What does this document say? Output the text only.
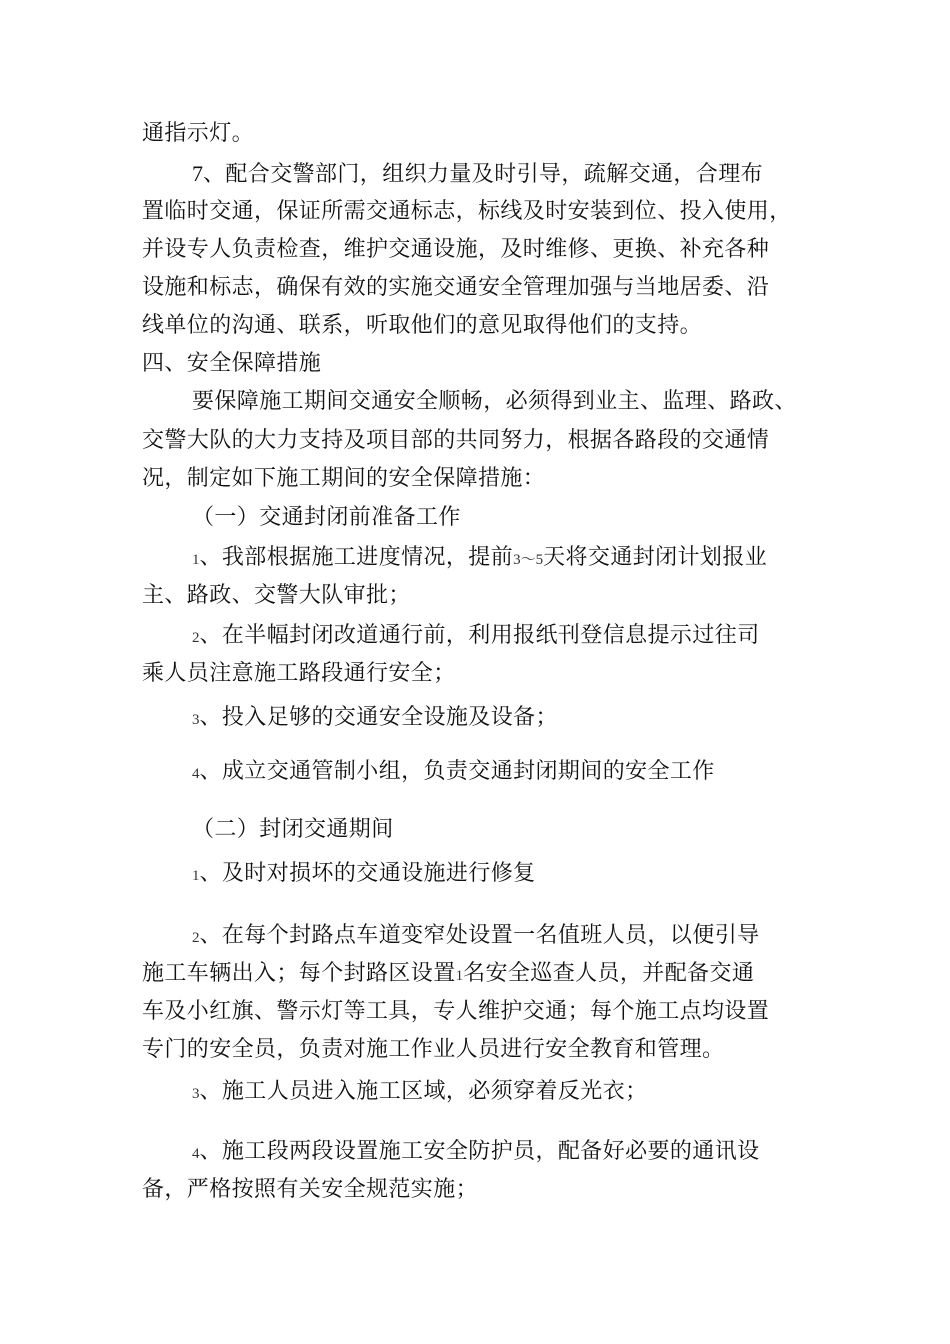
通指示灯。
7、配合交警部门，组织力量及时引导，疏解交通，合理布
置临时交通，保证所需交通标志，标线及时安装到位、投入使用，
并设专人负责检查，维护交通设施，及时维修、更换、补充各种
设施和标志，确保有效的实施交通安全管理加强与当地居委、沿
线单位的沟通、联系，听取他们的意见取得他们的支持。
四、安全保障措施
要保障施工期间交通安全顺畅，必须得到业主、监理、路政、
交警大队的大力支持及项目部的共同努力，根据各路段的交通情
况，制定如下施工期间的安全保障措施：
（一）交通封闭前准备工作
1、我部根据施工进度情况，提前3〜5天将交通封闭计划报业
主、路政、交警大队审批；
2、在半幅封闭改道通行前，利用报纸刊登信息提示过往司
乘人员注意施工路段通行安全；
3、投入足够的交通安全设施及设备；
4、成立交通管制小组，负责交通封闭期间的安全工作
（二）封闭交通期间
1、及时对损坏的交通设施进行修复
2、在每个封路点车道变窄处设置一名值班人员，以便引导
施工车辆出入；每个封路区设置1名安全巡查人员，并配备交通
车及小红旗、警示灯等工具，专人维护交通；每个施工点均设置
专门的安全员，负责对施工作业人员进行安全教育和管理。
3、施工人员进入施工区域，必须穿着反光衣；
4、施工段两段设置施工安全防护员，配备好必要的通讯设
备，严格按照有关安全规范实施；
